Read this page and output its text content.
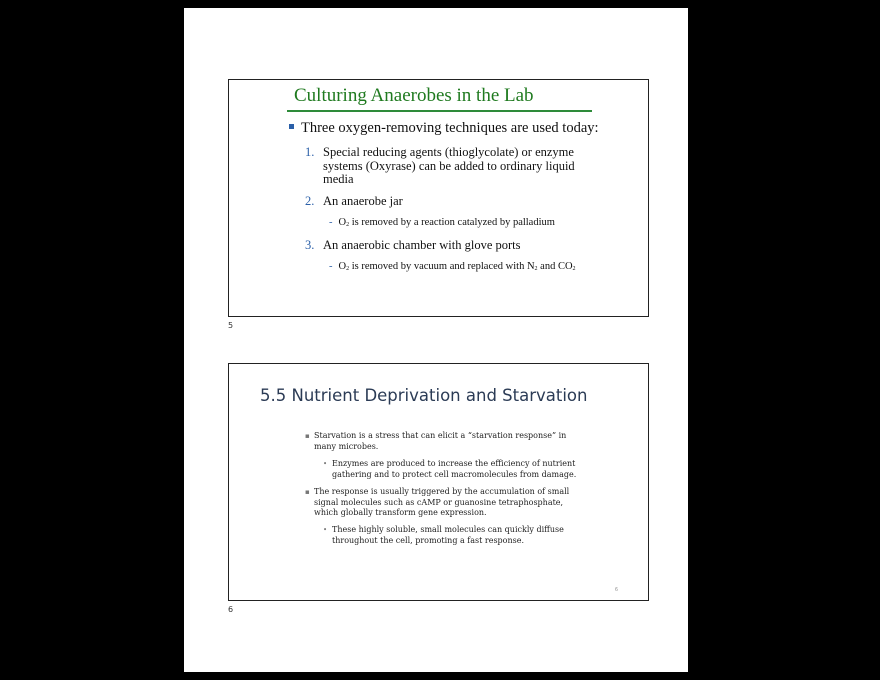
Culturing Anaerobes in the Lab
Three oxygen-removing techniques are used today:
1. Special reducing agents (thioglycolate) or enzyme systems (Oxyrase) can be added to ordinary liquid media
2. An anaerobe jar
- $O_2$ is removed by a reaction catalyzed by palladium
3. An anaerobic chamber with glove ports
- $O_2$ is removed by vacuum and replaced with $N_2$ and $CO_2$
5
5.5 Nutrient Deprivation and Starvation
▪ Starvation is a stress that can elicit a “starvation response” in many microbes.
• Enzymes are produced to increase the efficiency of nutrient gathering and to protect cell macromolecules from damage.
▪ The response is usually triggered by the accumulation of small signal molecules such as cAMP or guanosine tetraphosphate, which globally transform gene expression.
• These highly soluble, small molecules can quickly diffuse throughout the cell, promoting a fast response.
6
6
